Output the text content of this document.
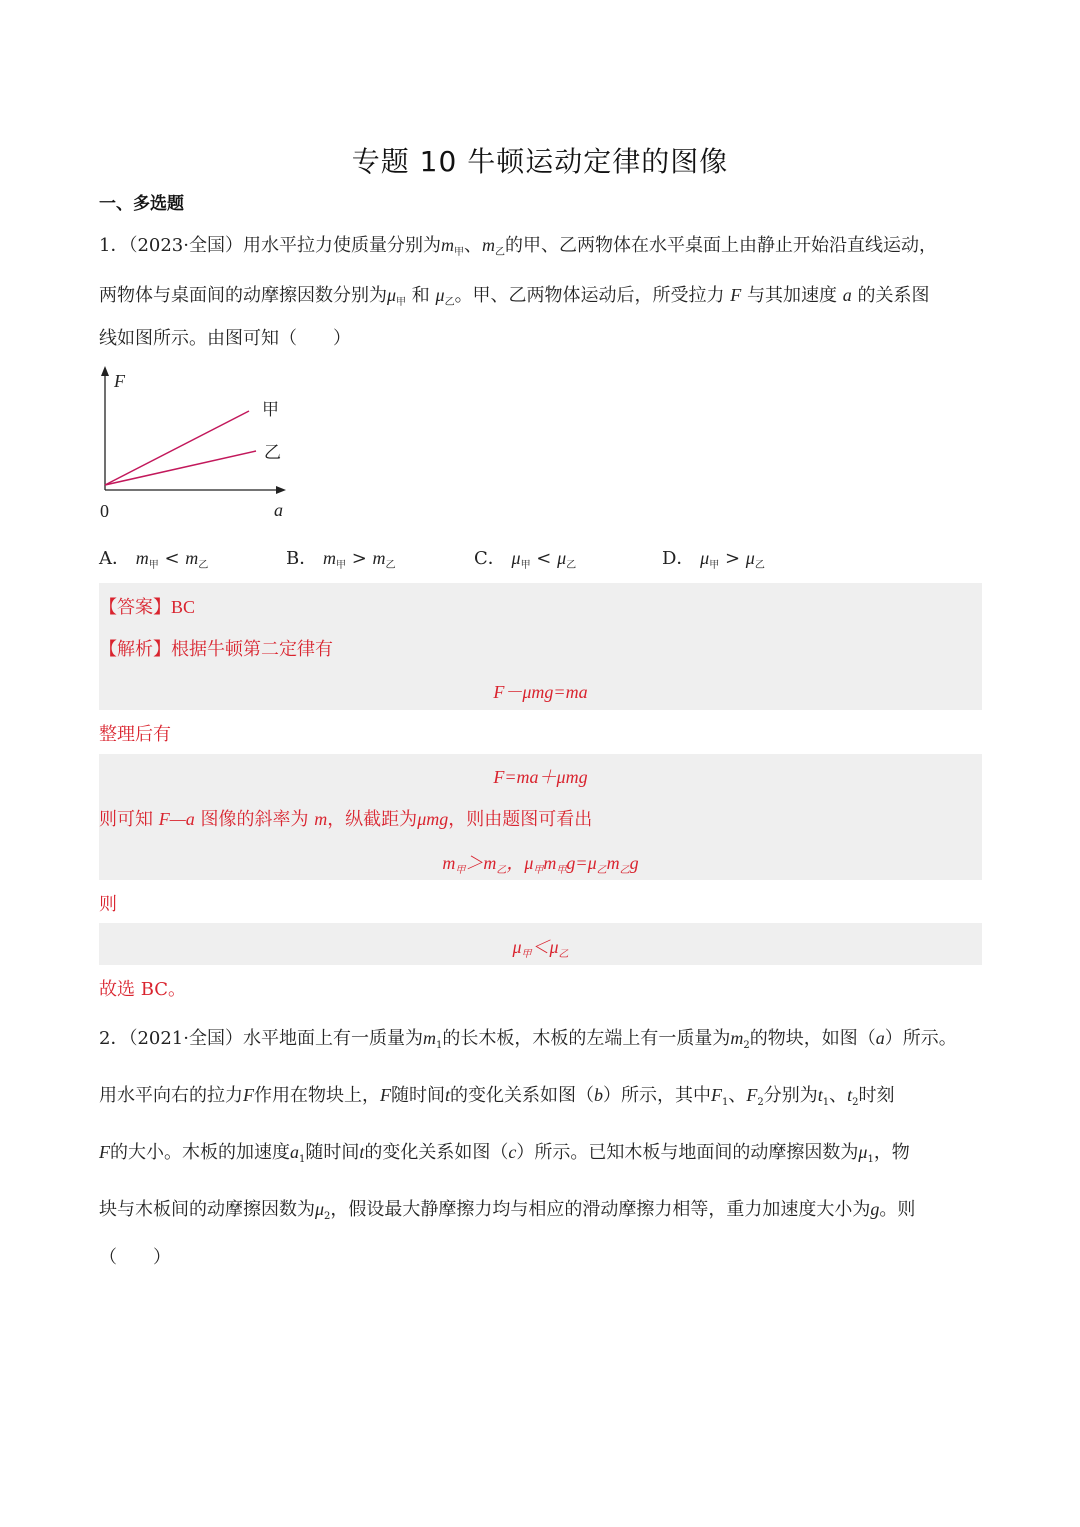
专题 10 牛顿运动定律的图像
一、多选题
1．（2023·全国）用水平拉力使质量分别为$m_甲$、$m_乙$的甲、乙两物体在水平桌面上由静止开始沿直线运动，
两物体与桌面间的动摩擦因数分别为$\mu_甲$ 和 $\mu_乙$。甲、乙两物体运动后，所受拉力 F 与其加速度 a 的关系图
线如图所示。由图可知（　　）
F
a
0
甲
乙
A． $m_甲 < m_乙$	B． $m_甲 > m_乙$	C． $\mu_甲 < \mu_乙$	D． $\mu_甲 > \mu_乙$
【答案】BC
【解析】根据牛顿第二定律有
F－μmg=ma
整理后有
F=ma＋μmg
则可知 F—a 图像的斜率为 m，纵截距为μmg，则由题图可看出
$m_甲>m_乙$，$\mu_甲m_甲g=\mu_乙m_乙g$
则
$\mu_甲<\mu_乙$
故选 BC。
2．（2021·全国）水平地面上有一质量为$m_1$的长木板，木板的左端上有一质量为$m_2$的物块，如图（a）所示。
用水平向右的拉力F作用在物块上，F随时间t的变化关系如图（b）所示，其中$F_1$、$F_2$分别为$t_1$、$t_2$时刻
F的大小。木板的加速度$a_1$随时间t的变化关系如图（c）所示。已知木板与地面间的动摩擦因数为$\mu_1$，物
块与木板间的动摩擦因数为$\mu_2$，假设最大静摩擦力均与相应的滑动摩擦力相等，重力加速度大小为g。则
（　　）
